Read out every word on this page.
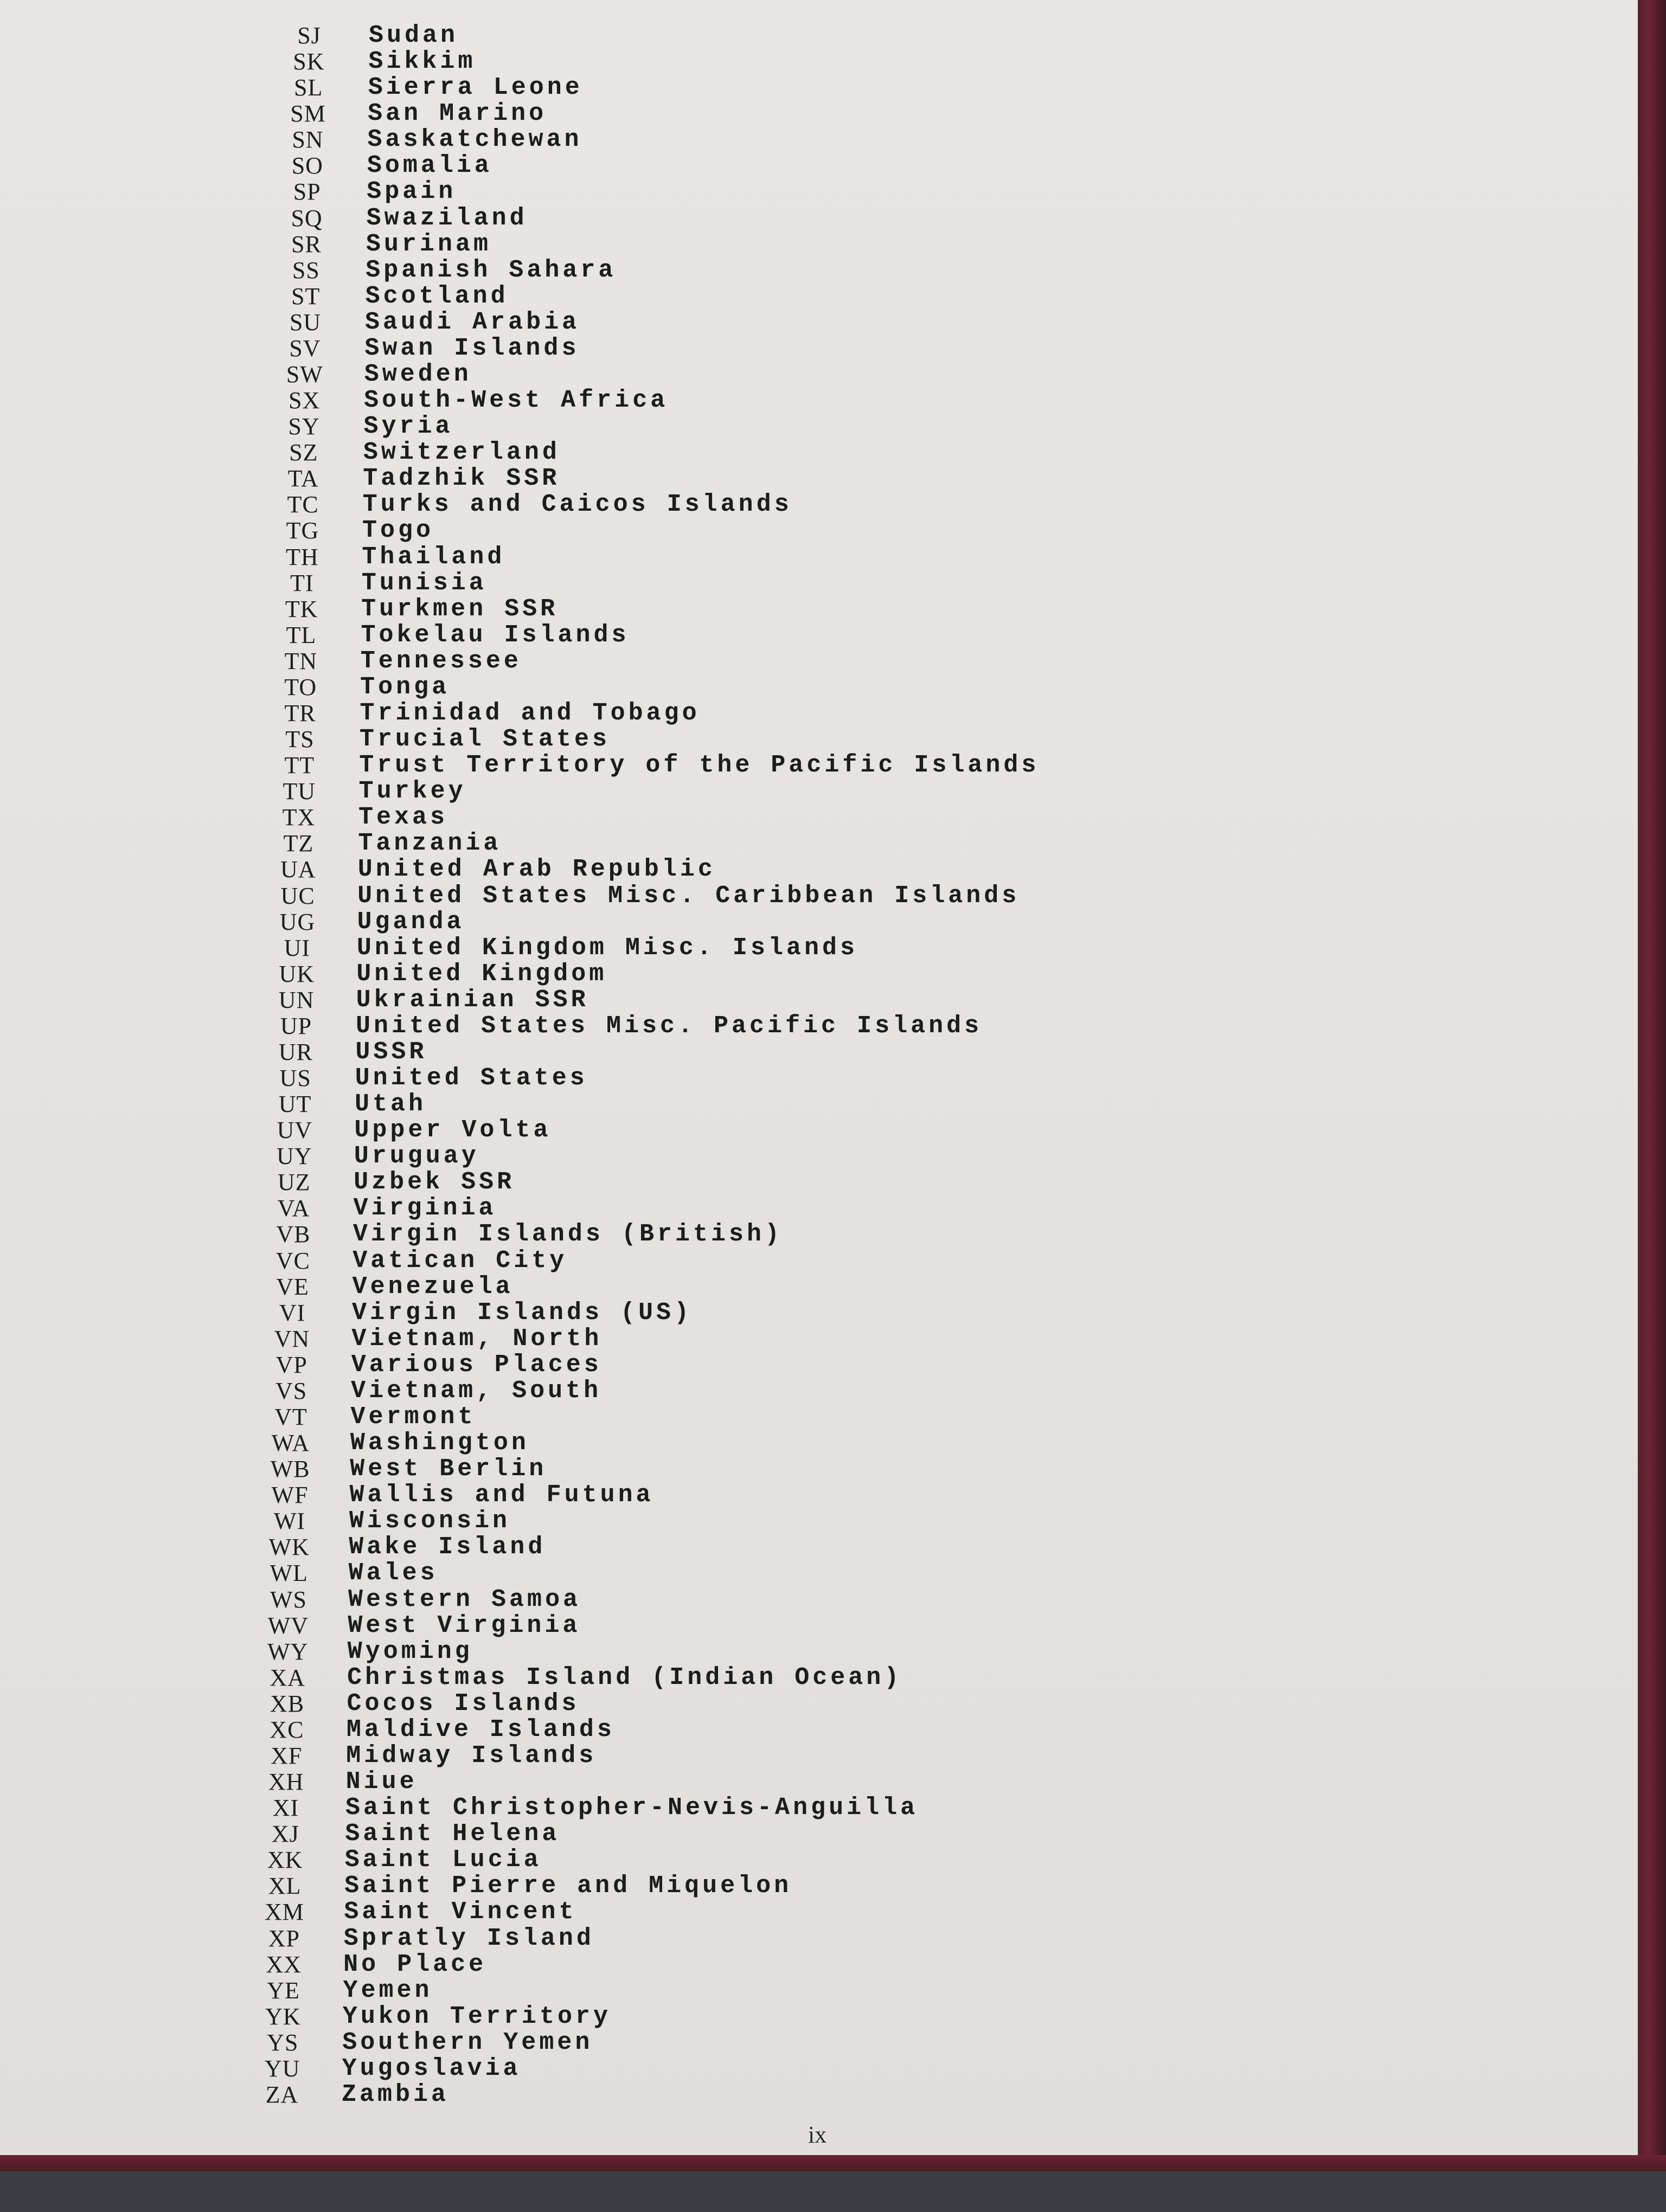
SJ	Sudan
SK	Sikkim
SL	Sierra Leone
SM	San Marino
SN	Saskatchewan
SO	Somalia
SP	Spain
SQ	Swaziland
SR	Surinam
SS	Spanish Sahara
ST	Scotland
SU	Saudi Arabia
SV	Swan Islands
SW	Sweden
SX	South-West Africa
SY	Syria
SZ	Switzerland
TA	Tadzhik SSR
TC	Turks and Caicos Islands
TG	Togo
TH	Thailand
TI	Tunisia
TK	Turkmen SSR
TL	Tokelau Islands
TN	Tennessee
TO	Tonga
TR	Trinidad and Tobago
TS	Trucial States
TT	Trust Territory of the Pacific Islands
TU	Turkey
TX	Texas
TZ	Tanzania
UA	United Arab Republic
UC	United States Misc. Caribbean Islands
UG	Uganda
UI	United Kingdom Misc. Islands
UK	United Kingdom
UN	Ukrainian SSR
UP	United States Misc. Pacific Islands
UR	USSR
US	United States
UT	Utah
UV	Upper Volta
UY	Uruguay
UZ	Uzbek SSR
VA	Virginia
VB	Virgin Islands (British)
VC	Vatican City
VE	Venezuela
VI	Virgin Islands (US)
VN	Vietnam, North
VP	Various Places
VS	Vietnam, South
VT	Vermont
WA	Washington
WB	West Berlin
WF	Wallis and Futuna
WI	Wisconsin
WK	Wake Island
WL	Wales
WS	Western Samoa
WV	West Virginia
WY	Wyoming
XA	Christmas Island (Indian Ocean)
XB	Cocos Islands
XC	Maldive Islands
XF	Midway Islands
XH	Niue
XI	Saint Christopher-Nevis-Anguilla
XJ	Saint Helena
XK	Saint Lucia
XL	Saint Pierre and Miquelon
XM	Saint Vincent
XP	Spratly Island
XX	No Place
YE	Yemen
YK	Yukon Territory
YS	Southern Yemen
YU	Yugoslavia
ZA	Zambia
ix
